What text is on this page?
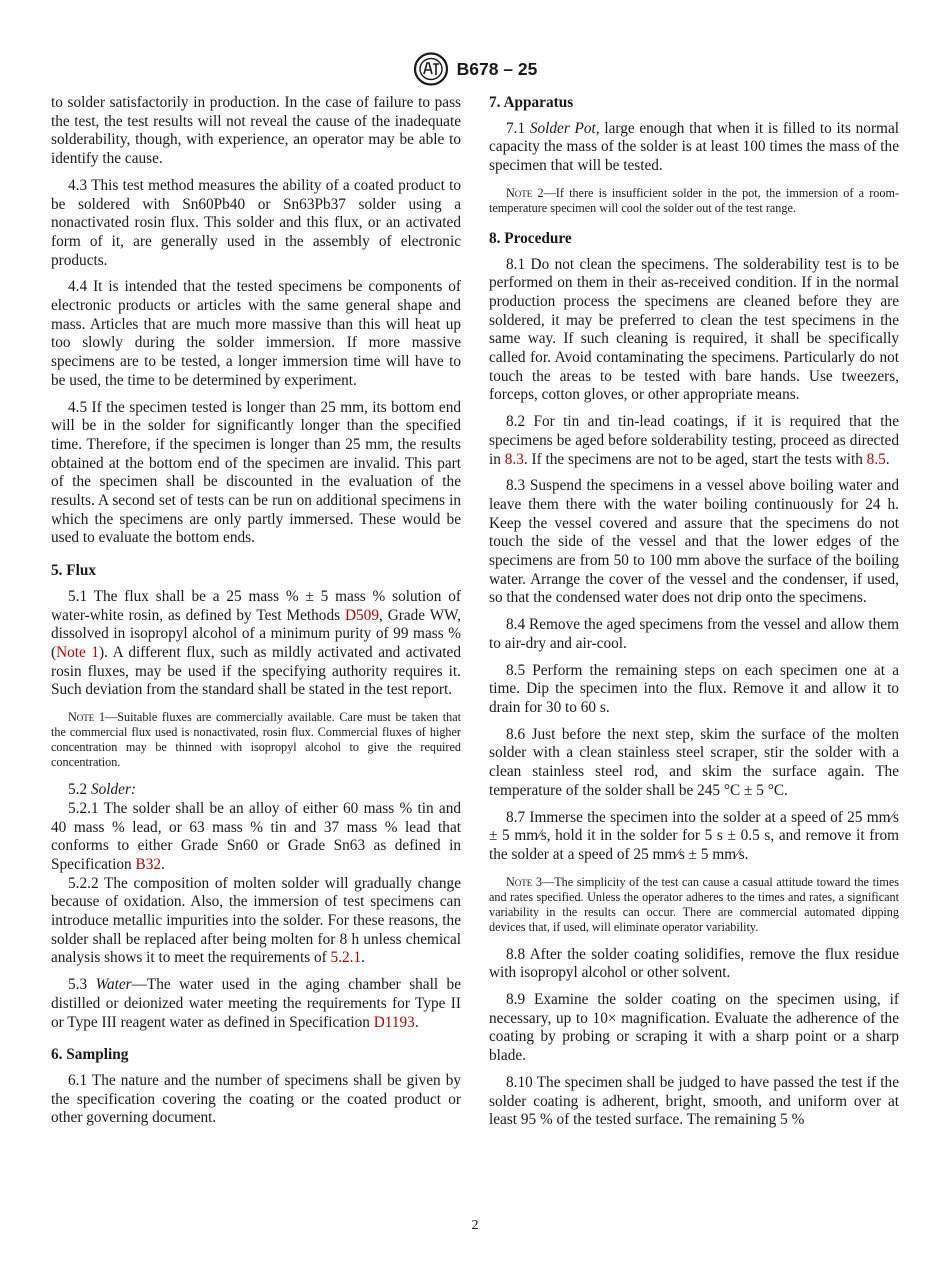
B678 – 25

to solder satisfactorily in production. In the case of failure to pass the test, the test results will not reveal the cause of the inadequate solderability, though, with experience, an operator may be able to identify the cause.

4.3 This test method measures the ability of a coated product to be soldered with Sn60Pb40 or Sn63Pb37 solder using a nonactivated rosin flux. This solder and this flux, or an activated form of it, are generally used in the assembly of electronic products.

4.4 It is intended that the tested specimens be components of electronic products or articles with the same general shape and mass. Articles that are much more massive than this will heat up too slowly during the solder immersion. If more massive specimens are to be tested, a longer immersion time will have to be used, the time to be determined by experiment.

4.5 If the specimen tested is longer than 25 mm, its bottom end will be in the solder for significantly longer than the specified time. Therefore, if the specimen is longer than 25 mm, the results obtained at the bottom end of the specimen are invalid. This part of the specimen shall be discounted in the evaluation of the results. A second set of tests can be run on additional specimens in which the specimens are only partly immersed. These would be used to evaluate the bottom ends.

5. Flux

5.1 The flux shall be a 25 mass % ± 5 mass % solution of water-white rosin, as defined by Test Methods D509, Grade WW, dissolved in isopropyl alcohol of a minimum purity of 99 mass % (Note 1). A different flux, such as mildly activated and activated rosin fluxes, may be used if the specifying authority requires it. Such deviation from the standard shall be stated in the test report.

Note 1—Suitable fluxes are commercially available. Care must be taken that the commercial flux used is nonactivated, rosin flux. Commercial fluxes of higher concentration may be thinned with isopropyl alcohol to give the required concentration.

5.2 Solder:

5.2.1 The solder shall be an alloy of either 60 mass % tin and 40 mass % lead, or 63 mass % tin and 37 mass % lead that conforms to either Grade Sn60 or Grade Sn63 as defined in Specification B32.

5.2.2 The composition of molten solder will gradually change because of oxidation. Also, the immersion of test specimens can introduce metallic impurities into the solder. For these reasons, the solder shall be replaced after being molten for 8 h unless chemical analysis shows it to meet the requirements of 5.2.1.

5.3 Water—The water used in the aging chamber shall be distilled or deionized water meeting the requirements for Type II or Type III reagent water as defined in Specification D1193.

6. Sampling

6.1 The nature and the number of specimens shall be given by the specification covering the coating or the coated product or other governing document.

7. Apparatus

7.1 Solder Pot, large enough that when it is filled to its normal capacity the mass of the solder is at least 100 times the mass of the specimen that will be tested.

Note 2—If there is insufficient solder in the pot, the immersion of a room-temperature specimen will cool the solder out of the test range.
8. Procedure

8.1 Do not clean the specimens. The solderability test is to be performed on them in their as-received condition. If in the normal production process the specimens are cleaned before they are soldered, it may be preferred to clean the test specimens in the same way. If such cleaning is required, it shall be specifically called for. Avoid contaminating the specimens. Particularly do not touch the areas to be tested with bare hands. Use tweezers, forceps, cotton gloves, or other appropriate means.

8.2 For tin and tin-lead coatings, if it is required that the specimens be aged before solderability testing, proceed as directed in 8.3. If the specimens are not to be aged, start the tests with 8.5.

8.3 Suspend the specimens in a vessel above boiling water and leave them there with the water boiling continuously for 24 h. Keep the vessel covered and assure that the specimens do not touch the side of the vessel and that the lower edges of the specimens are from 50 to 100 mm above the surface of the boiling water. Arrange the cover of the vessel and the condenser, if used, so that the condensed water does not drip onto the specimens.

8.4 Remove the aged specimens from the vessel and allow them to air-dry and air-cool.

8.5 Perform the remaining steps on each specimen one at a time. Dip the specimen into the flux. Remove it and allow it to drain for 30 to 60 s.

8.6 Just before the next step, skim the surface of the molten solder with a clean stainless steel scraper, stir the solder with a clean stainless steel rod, and skim the surface again. The temperature of the solder shall be 245 °C ± 5 °C.

8.7 Immerse the specimen into the solder at a speed of 25 mm⁄s ± 5 mm⁄s, hold it in the solder for 5 s ± 0.5 s, and remove it from the solder at a speed of 25 mm⁄s ± 5 mm⁄s.

Note 3—The simplicity of the test can cause a casual attitude toward the times and rates specified. Unless the operator adheres to the times and rates, a significant variability in the results can occur. There are commercial automated dipping devices that, if used, will eliminate operator variability.

8.8 After the solder coating solidifies, remove the flux residue with isopropyl alcohol or other solvent.

8.9 Examine the solder coating on the specimen using, if necessary, up to 10× magnification. Evaluate the adherence of the coating by probing or scraping it with a sharp point or a sharp blade.

8.10 The specimen shall be judged to have passed the test if the solder coating is adherent, bright, smooth, and uniform over at least 95 % of the tested surface. The remaining 5 %

2
